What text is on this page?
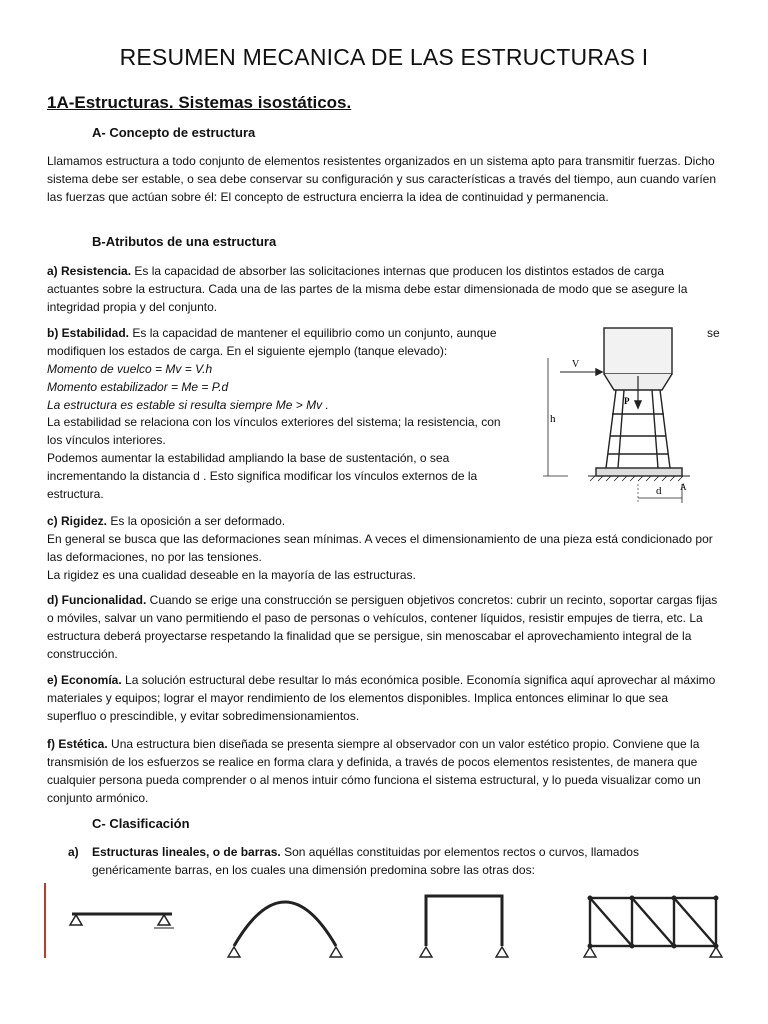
RESUMEN MECANICA DE LAS ESTRUCTURAS I
1A-Estructuras. Sistemas isostáticos.
A- Concepto de estructura
Llamamos estructura a todo conjunto de elementos resistentes organizados en un sistema apto para transmitir fuerzas. Dicho sistema debe ser estable, o sea debe conservar su configuración y sus características a través del tiempo, aun cuando varíen las fuerzas que actúan sobre él: El concepto de estructura encierra la idea de continuidad y permanencia.
B-Atributos de una estructura
a) Resistencia. Es la capacidad de absorber las solicitaciones internas que producen los distintos estados de carga actuantes sobre la estructura. Cada una de las partes de la misma debe estar dimensionada de modo que se asegure la integridad propia y del conjunto.
b) Estabilidad. Es la capacidad de mantener el equilibrio como un conjunto, aunque	se
modifiquen los estados de carga. En el siguiente ejemplo (tanque elevado):
Momento de vuelco = Mv = V.h
Momento estabilizador = Me = P.d
La estructura es estable si resulta siempre Me > Mv .
La estabilidad se relaciona con los vínculos exteriores del sistema; la resistencia, con
los vínculos interiores.
Podemos aumentar la estabilidad ampliando la base de sustentación, o sea
incrementando la distancia d . Esto significa modificar los vínculos externos de la
estructura.
V
P
h
d A
c) Rigidez. Es la oposición a ser deformado.
En general se busca que las deformaciones sean mínimas. A veces el dimensionamiento de una pieza está condicionado por las deformaciones, no por las tensiones.
La rigidez es una cualidad deseable en la mayoría de las estructuras.
d) Funcionalidad. Cuando se erige una construcción se persiguen objetivos concretos: cubrir un recinto, soportar cargas fijas o móviles, salvar un vano permitiendo el paso de personas o vehículos, contener líquidos, resistir empujes de tierra, etc. La estructura deberá proyectarse respetando la finalidad que se persigue, sin menoscabar el aprovechamiento integral de la construcción.
e) Economía. La solución estructural debe resultar lo más económica posible. Economía significa aquí aprovechar al máximo materiales y equipos; lograr el mayor rendimiento de los elementos disponibles. Implica entonces eliminar lo que sea superfluo o prescindible, y evitar sobredimensionamientos.
f) Estética. Una estructura bien diseñada se presenta siempre al observador con un valor estético propio. Conviene que la transmisión de los esfuerzos se realice en forma clara y definida, a través de pocos elementos resistentes, de manera que cualquier persona pueda comprender o al menos intuir cómo funciona el sistema estructural, y lo pueda visualizar como un conjunto armónico.
C- Clasificación
a)	Estructuras lineales, o de barras. Son aquéllas constituidas por elementos rectos o curvos, llamados genéricamente barras, en los cuales una dimensión predomina sobre las otras dos:
